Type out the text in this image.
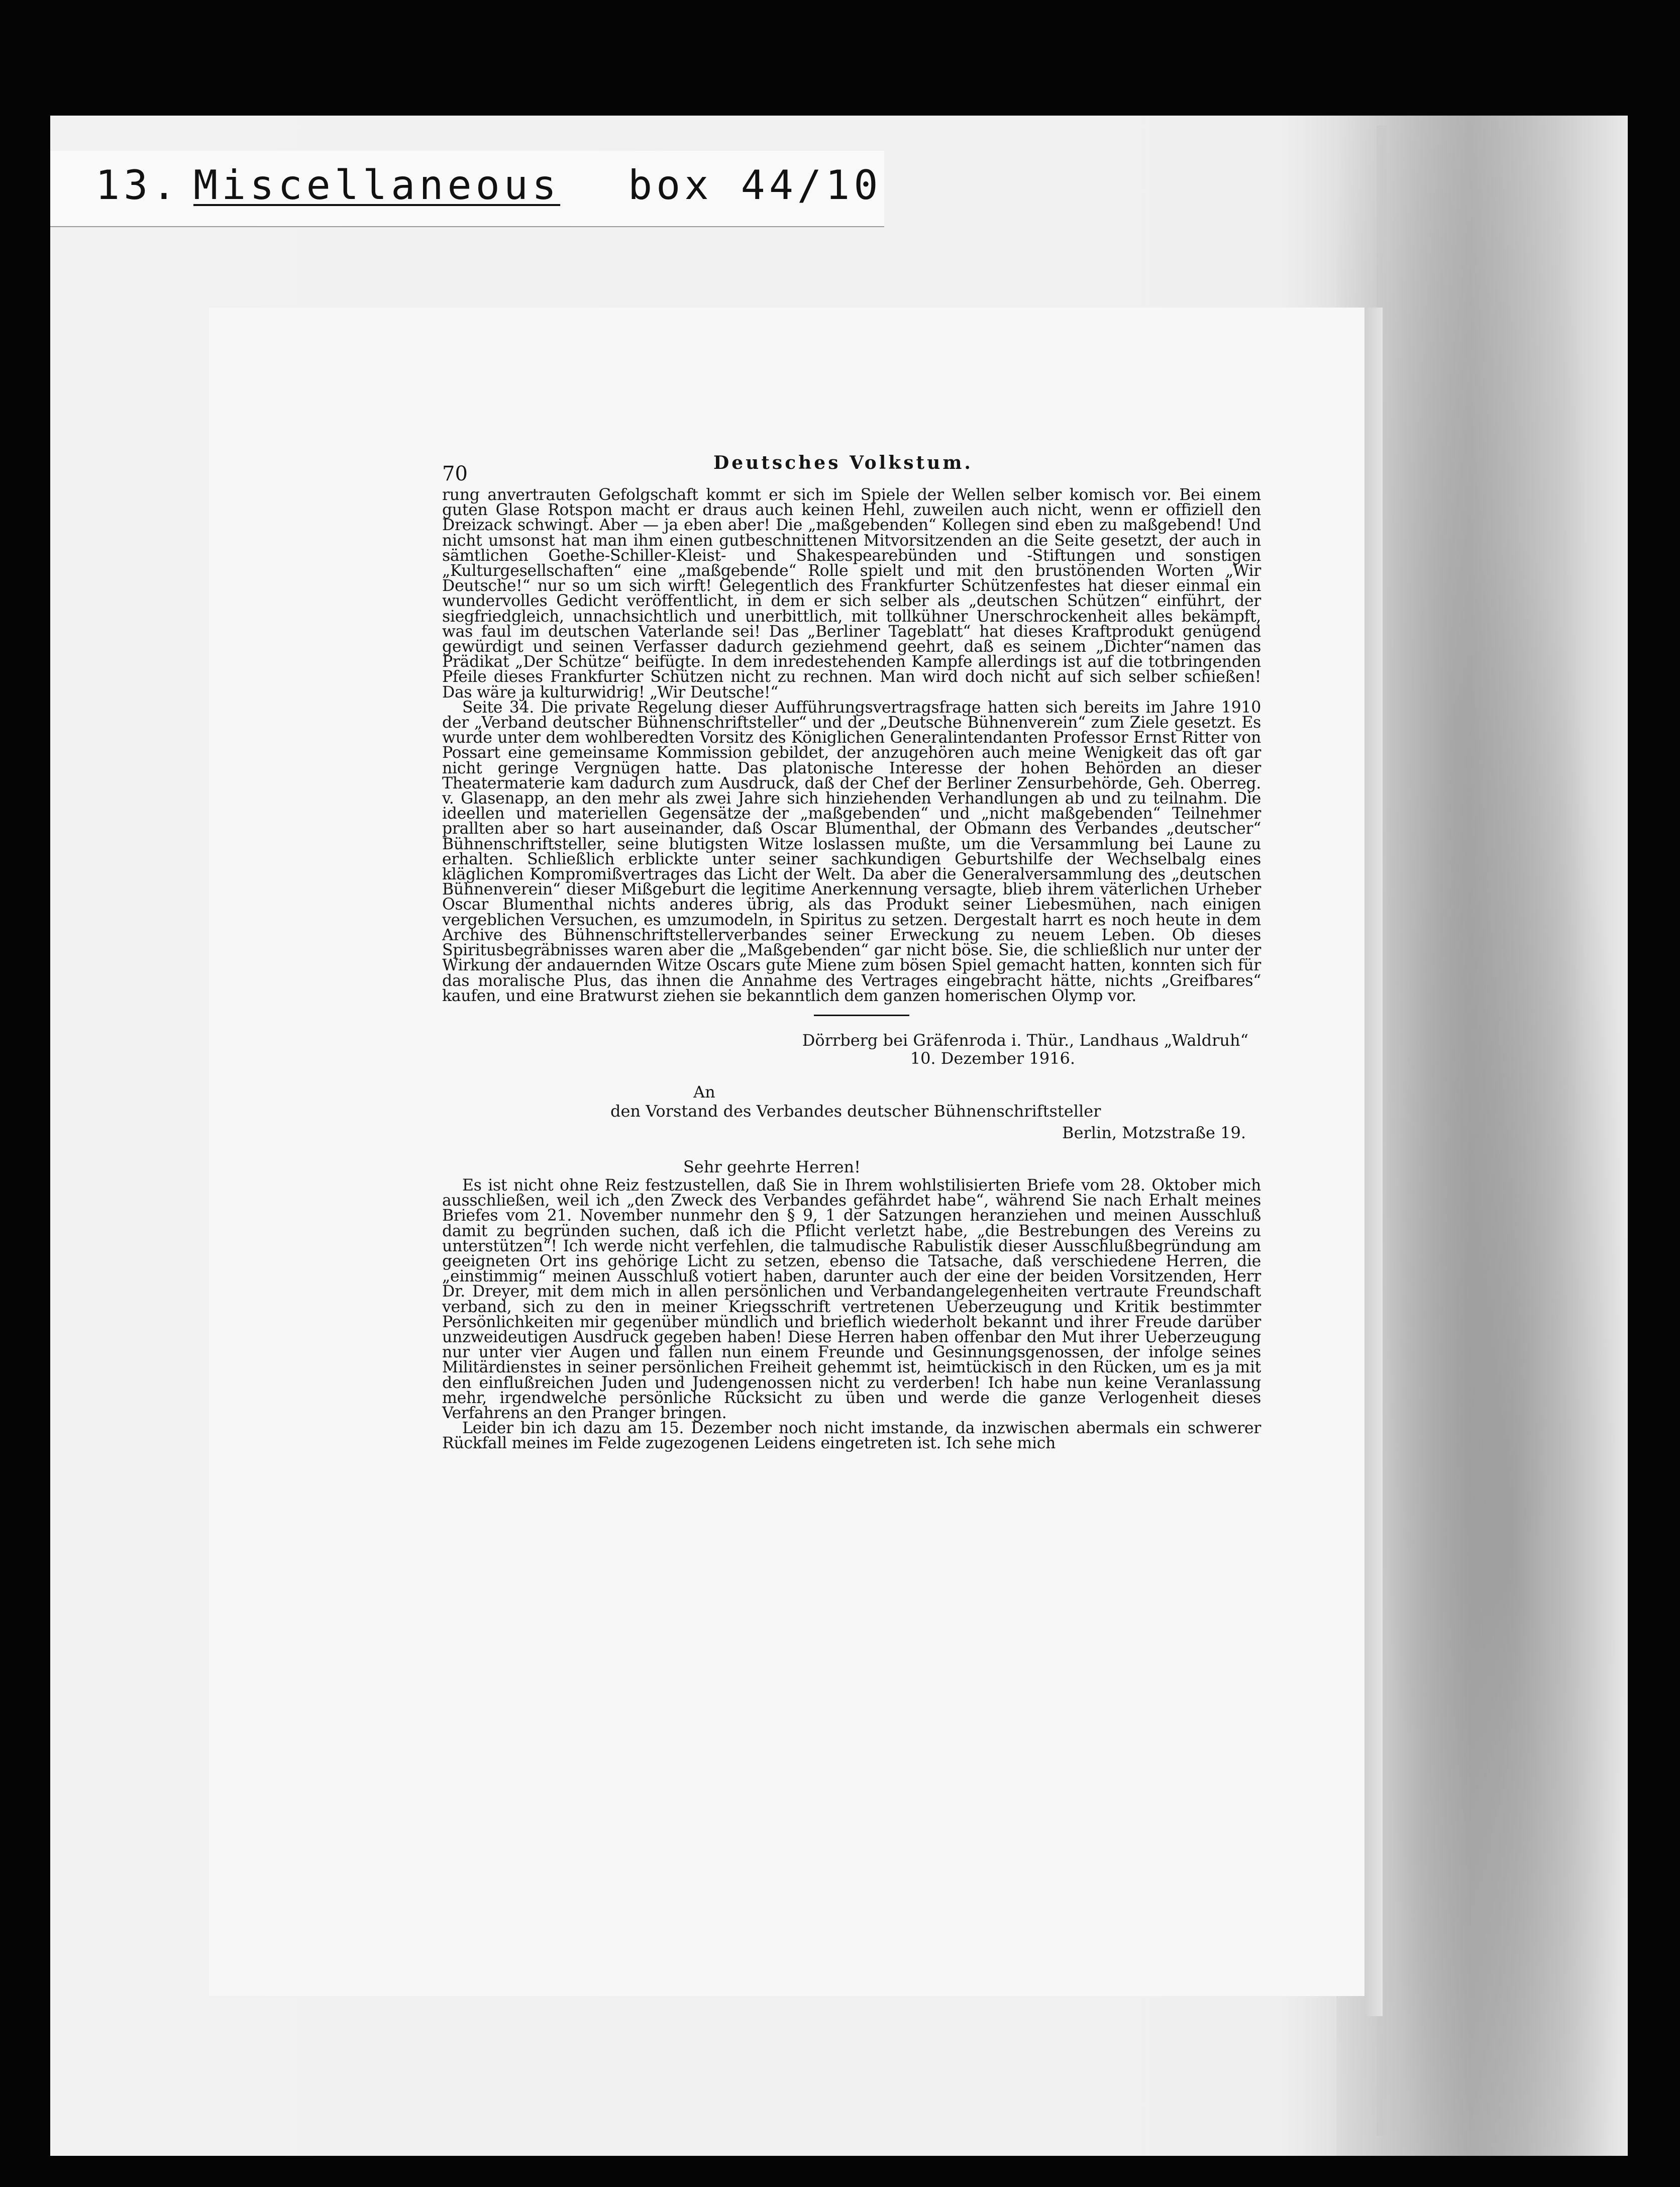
13. Miscellaneous box 44/10
70	Deutsches Volkstum.

rung anvertrauten Gefolgschaft kommt er sich im Spiele der Wellen selber komisch vor. Bei einem guten Glase Rotspon macht er draus auch keinen Hehl, zuweilen auch nicht, wenn er offiziell den Dreizack schwingt. Aber — ja eben aber! Die „maßgebenden“ Kollegen sind eben zu maßgebend! Und nicht umsonst hat man ihm einen gutbeschnittenen Mitvorsitzenden an die Seite gesetzt, der auch in sämtlichen Goethe-Schiller-Kleist- und Shakespearebünden und -Stiftungen und sonstigen „Kulturgesellschaften“ eine „maßgebende“ Rolle spielt und mit den brustönenden Worten „Wir Deutsche!“ nur so um sich wirft! Gelegentlich des Frankfurter Schützenfestes hat dieser einmal ein wundervolles Gedicht veröffentlicht, in dem er sich selber als „deutschen Schützen“ einführt, der siegfriedgleich, unnachsichtlich und unerbittlich, mit tollkühner Unerschrockenheit alles bekämpft, was faul im deutschen Vaterlande sei! Das „Berliner Tageblatt“ hat dieses Kraftprodukt genügend gewürdigt und seinen Verfasser dadurch geziehmend geehrt, daß es seinem „Dichter“namen das Prädikat „Der Schütze“ beifügte. In dem inredestehenden Kampfe allerdings ist auf die totbringenden Pfeile dieses Frankfurter Schützen nicht zu rechnen. Man wird doch nicht auf sich selber schießen! Das wäre ja kulturwidrig! „Wir Deutsche!“

Seite 34. Die private Regelung dieser Aufführungsvertragsfrage hatten sich bereits im Jahre 1910 der „Verband deutscher Bühnenschriftsteller“ und der „Deutsche Bühnenverein“ zum Ziele gesetzt. Es wurde unter dem wohlberedten Vorsitz des Königlichen Generalintendanten Professor Ernst Ritter von Possart eine gemeinsame Kommission gebildet, der anzugehören auch meine Wenigkeit das oft gar nicht geringe Vergnügen hatte. Das platonische Interesse der hohen Behörden an dieser Theatermaterie kam dadurch zum Ausdruck, daß der Chef der Berliner Zensurbehörde, Geh. Oberreg. v. Glasenapp, an den mehr als zwei Jahre sich hinziehenden Verhandlungen ab und zu teilnahm. Die ideellen und materiellen Gegensätze der „maßgebenden“ und „nicht maßgebenden“ Teilnehmer prallten aber so hart auseinander, daß Oscar Blumenthal, der Obmann des Verbandes „deutscher“ Bühnenschriftsteller, seine blutigsten Witze loslassen mußte, um die Versammlung bei Laune zu erhalten. Schließlich erblickte unter seiner sachkundigen Geburtshilfe der Wechselbalg eines kläglichen Kompromißvertrages das Licht der Welt. Da aber die Generalversammlung des „deutschen Bühnenverein“ dieser Mißgeburt die legitime Anerkennung versagte, blieb ihrem väterlichen Urheber Oscar Blumenthal nichts anderes übrig, als das Produkt seiner Liebesmühen, nach einigen vergeblichen Versuchen, es umzumodeln, in Spiritus zu setzen. Dergestalt harrt es noch heute in dem Archive des Bühnenschriftstellerverbandes seiner Erweckung zu neuem Leben. Ob dieses Spiritusbegräbnisses waren aber die „Maßgebenden“ gar nicht böse. Sie, die schließlich nur unter der Wirkung der andauernden Witze Oscars gute Miene zum bösen Spiel gemacht hatten, konnten sich für das moralische Plus, das ihnen die Annahme des Vertrages eingebracht hätte, nichts „Greifbares“ kaufen, und eine Bratwurst ziehen sie bekanntlich dem ganzen homerischen Olymp vor.

Dörrberg bei Gräfenroda i. Thür., Landhaus „Waldruh“
10. Dezember 1916.
An
den Vorstand des Verbandes deutscher Bühnenschriftsteller
Berlin, Motzstraße 19.
Sehr geehrte Herren!

Es ist nicht ohne Reiz festzustellen, daß Sie in Ihrem wohlstilisierten Briefe vom 28. Oktober mich ausschließen, weil ich „den Zweck des Verbandes gefährdet habe“, während Sie nach Erhalt meines Briefes vom 21. November nunmehr den § 9, 1 der Satzungen heranziehen und meinen Ausschluß damit zu begründen suchen, daß ich die Pflicht verletzt habe, „die Bestrebungen des Vereins zu unterstützen“! Ich werde nicht verfehlen, die talmudische Rabulistik dieser Ausschlußbegründung am geeigneten Ort ins gehörige Licht zu setzen, ebenso die Tatsache, daß verschiedene Herren, die „einstimmig“ meinen Ausschluß votiert haben, darunter auch der eine der beiden Vorsitzenden, Herr Dr. Dreyer, mit dem mich in allen persönlichen und Verbandangelegenheiten vertraute Freundschaft verband, sich zu den in meiner Kriegsschrift vertretenen Ueberzeugung und Kritik bestimmter Persönlichkeiten mir gegenüber mündlich und brieflich wiederholt bekannt und ihrer Freude darüber unzweideutigen Ausdruck gegeben haben! Diese Herren haben offenbar den Mut ihrer Ueberzeugung nur unter vier Augen und fallen nun einem Freunde und Gesinnungsgenossen, der infolge seines Militärdienstes in seiner persönlichen Freiheit gehemmt ist, heimtückisch in den Rücken, um es ja mit den einflußreichen Juden und Judengenossen nicht zu verderben! Ich habe nun keine Veranlassung mehr, irgendwelche persönliche Rücksicht zu üben und werde die ganze Verlogenheit dieses Verfahrens an den Pranger bringen.

Leider bin ich dazu am 15. Dezember noch nicht imstande, da inzwischen abermals ein schwerer Rückfall meines im Felde zugezogenen Leidens eingetreten ist. Ich sehe mich
